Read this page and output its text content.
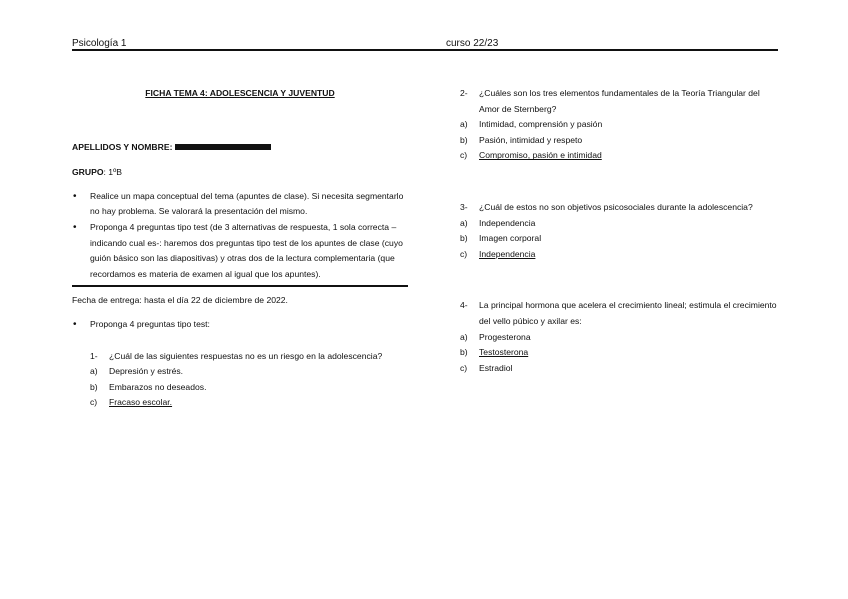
Psicología 1	curso 22/23
FICHA TEMA 4: ADOLESCENCIA Y JUVENTUD
APELLIDOS Y NOMBRE:
GRUPO: 1ºB
• Realice un mapa conceptual del tema (apuntes de clase). Si necesita segmentarlo no hay problema. Se valorará la presentación del mismo.
• Proponga 4 preguntas tipo test (de 3 alternativas de respuesta, 1 sola correcta –indicando cual es-: haremos dos preguntas tipo test de los apuntes de clase (cuyo guión básico son las diapositivas) y otras dos de la lectura complementaria (que recordamos es materia de examen al igual que los apuntes).
Fecha de entrega: hasta el día 22 de diciembre de 2022.
• Proponga 4 preguntas tipo test:
1- ¿Cuál de las siguientes respuestas no es un riesgo en la adolescencia?
a) Depresión y estrés.
b) Embarazos no deseados.
c) Fracaso escolar.
2- ¿Cuáles son los tres elementos fundamentales de la Teoría Triangular del Amor de Sternberg?
a) Intimidad, comprensión y pasión
b) Pasión, intimidad y respeto
c) Compromiso, pasión e intimidad
3- ¿Cuál de estos no son objetivos psicosociales durante la adolescencia?
a) Independencia
b) Imagen corporal
c) Independencia
4- La principal hormona que acelera el crecimiento lineal; estimula el crecimiento del vello púbico y axilar es:
a) Progesterona
b) Testosterona
c) Estradiol
